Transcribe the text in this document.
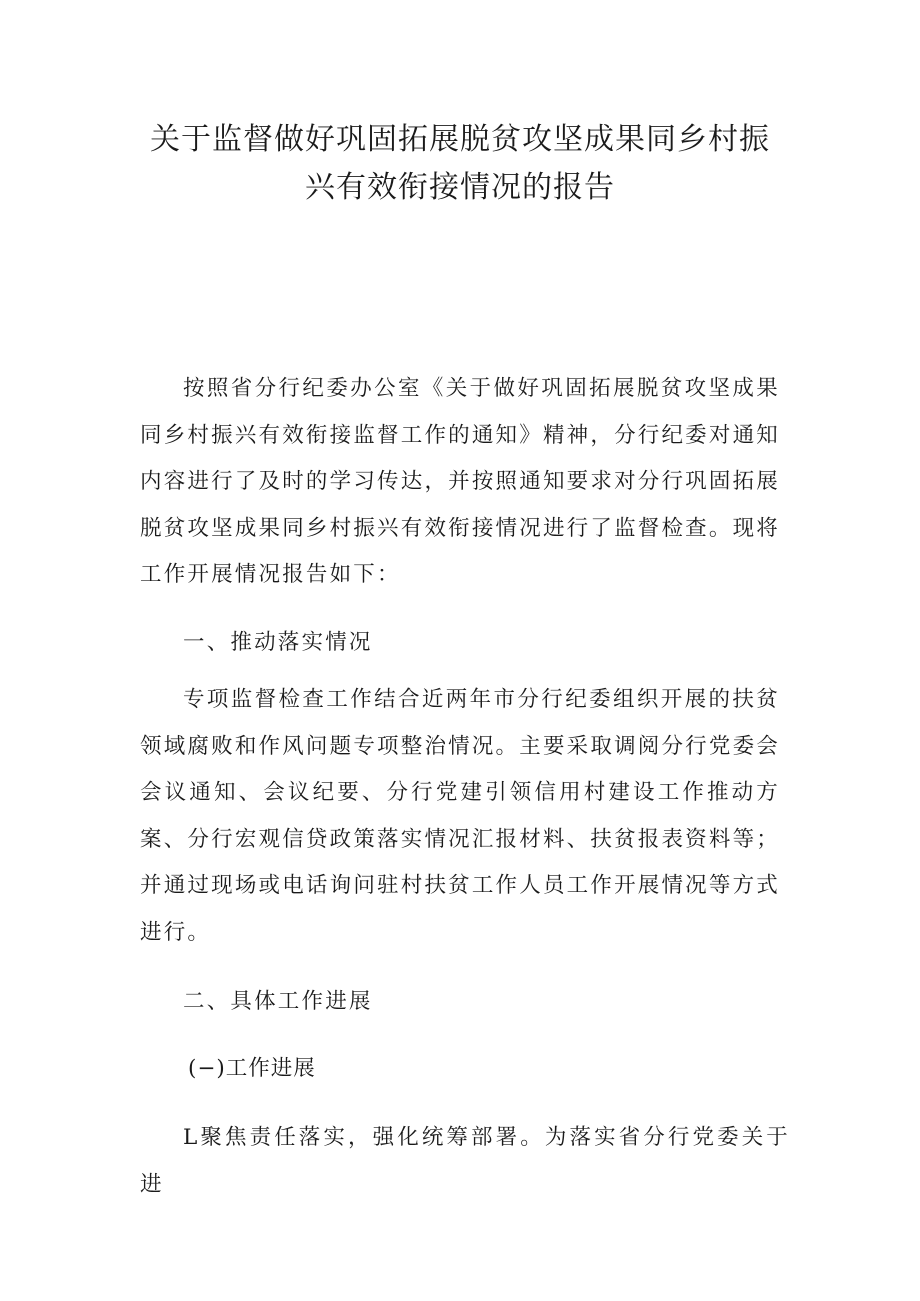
关于监督做好巩固拓展脱贫攻坚成果同乡村振兴有效衔接情况的报告

按照省分行纪委办公室《关于做好巩固拓展脱贫攻坚成果同乡村振兴有效衔接监督工作的通知》精神，分行纪委对通知内容进行了及时的学习传达，并按照通知要求对分行巩固拓展脱贫攻坚成果同乡村振兴有效衔接情况进行了监督检查。现将工作开展情况报告如下：

一、推动落实情况

专项监督检查工作结合近两年市分行纪委组织开展的扶贫领域腐败和作风问题专项整治情况。主要采取调阅分行党委会会议通知、会议纪要、分行党建引领信用村建设工作推动方案、分行宏观信贷政策落实情况汇报材料、扶贫报表资料等；并通过现场或电话询问驻村扶贫工作人员工作开展情况等方式进行。

二、具体工作进展

(−)工作进展

L聚焦责任落实，强化统筹部署。为落实省分行党委关于进
